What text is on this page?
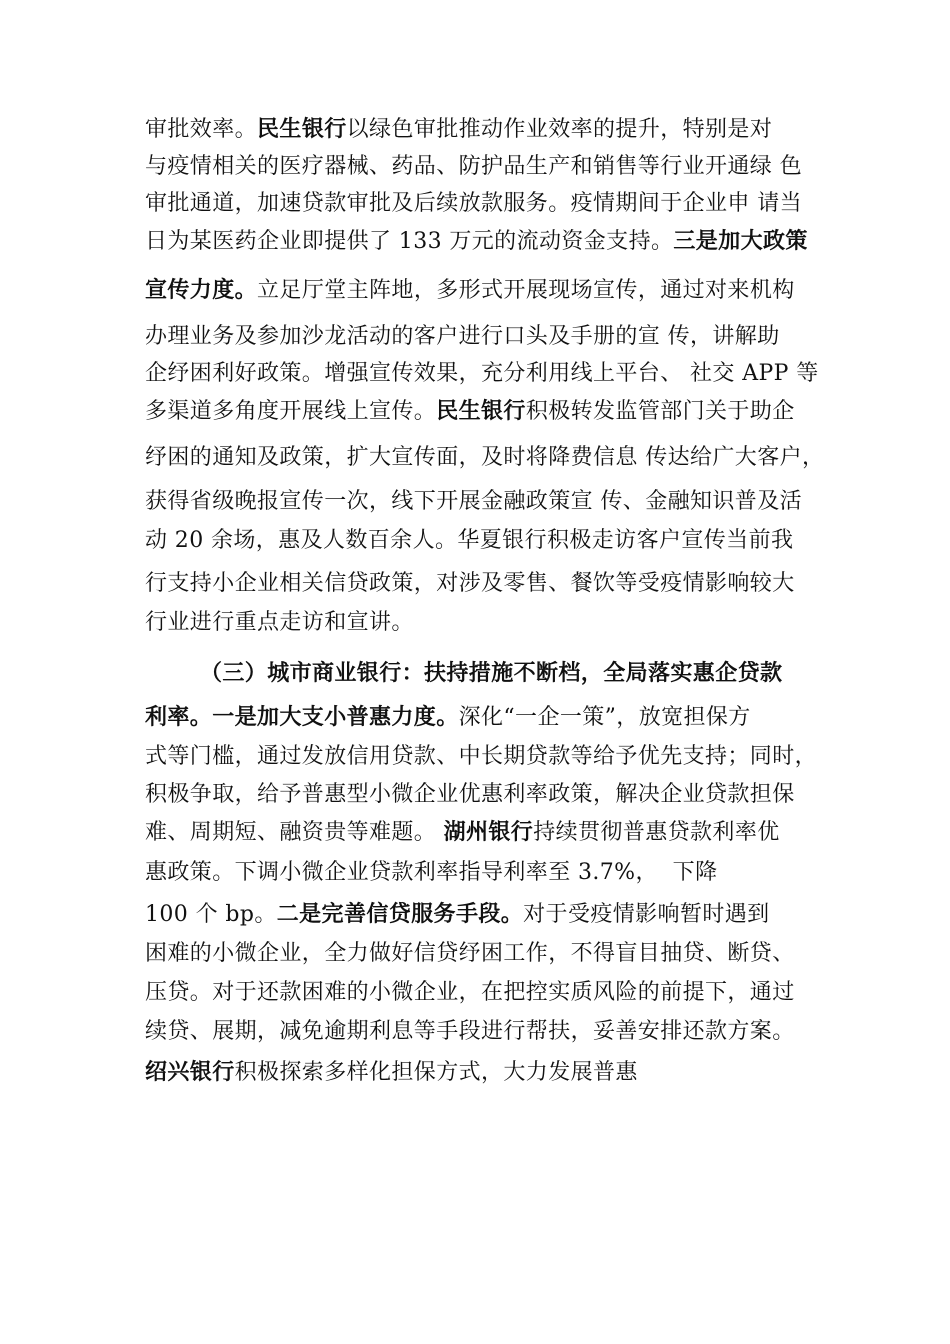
审批效率。民生银行以绿色审批推动作业效率的提升，特别是对
与疫情相关的医疗器械、药品、防护品生产和销售等行业开通绿 色
审批通道，加速贷款审批及后续放款服务。疫情期间于企业申 请当
日为某医药企业即提供了 133 万元的流动资金支持。三是加大政策
宣传力度。立足厅堂主阵地，多形式开展现场宣传，通过对来机构
办理业务及参加沙龙活动的客户进行口头及手册的宣 传，讲解助
企纾困利好政策。增强宣传效果，充分利用线上平台、 社交 APP 等
多渠道多角度开展线上宣传。民生银行积极转发监管部门关于助企
纾困的通知及政策，扩大宣传面，及时将降费信息 传达给广大客户，
获得省级晚报宣传一次，线下开展金融政策宣 传、金融知识普及活
动 20 余场，惠及人数百余人。华夏银行积极走访客户宣传当前我
行支持小企业相关信贷政策，对涉及零售、餐饮等受疫情影响较大
行业进行重点走访和宣讲。
（三）城市商业银行：扶持措施不断档，全局落实惠企贷款
利率。一是加大支小普惠力度。深化“一企一策”，放宽担保方
式等门槛，通过发放信用贷款、中长期贷款等给予优先支持；同时，
积极争取，给予普惠型小微企业优惠利率政策，解决企业贷款担保
难、周期短、融资贵等难题。 湖州银行持续贯彻普惠贷款利率优
惠政策。下调小微企业贷款利率指导利率至 3.7%，  下降
100 个 bp。二是完善信贷服务手段。对于受疫情影响暂时遇到
困难的小微企业，全力做好信贷纾困工作，不得盲目抽贷、断贷、
压贷。对于还款困难的小微企业，在把控实质风险的前提下，通过
续贷、展期，减免逾期利息等手段进行帮扶，妥善安排还款方案。
绍兴银行积极探索多样化担保方式，大力发展普惠
